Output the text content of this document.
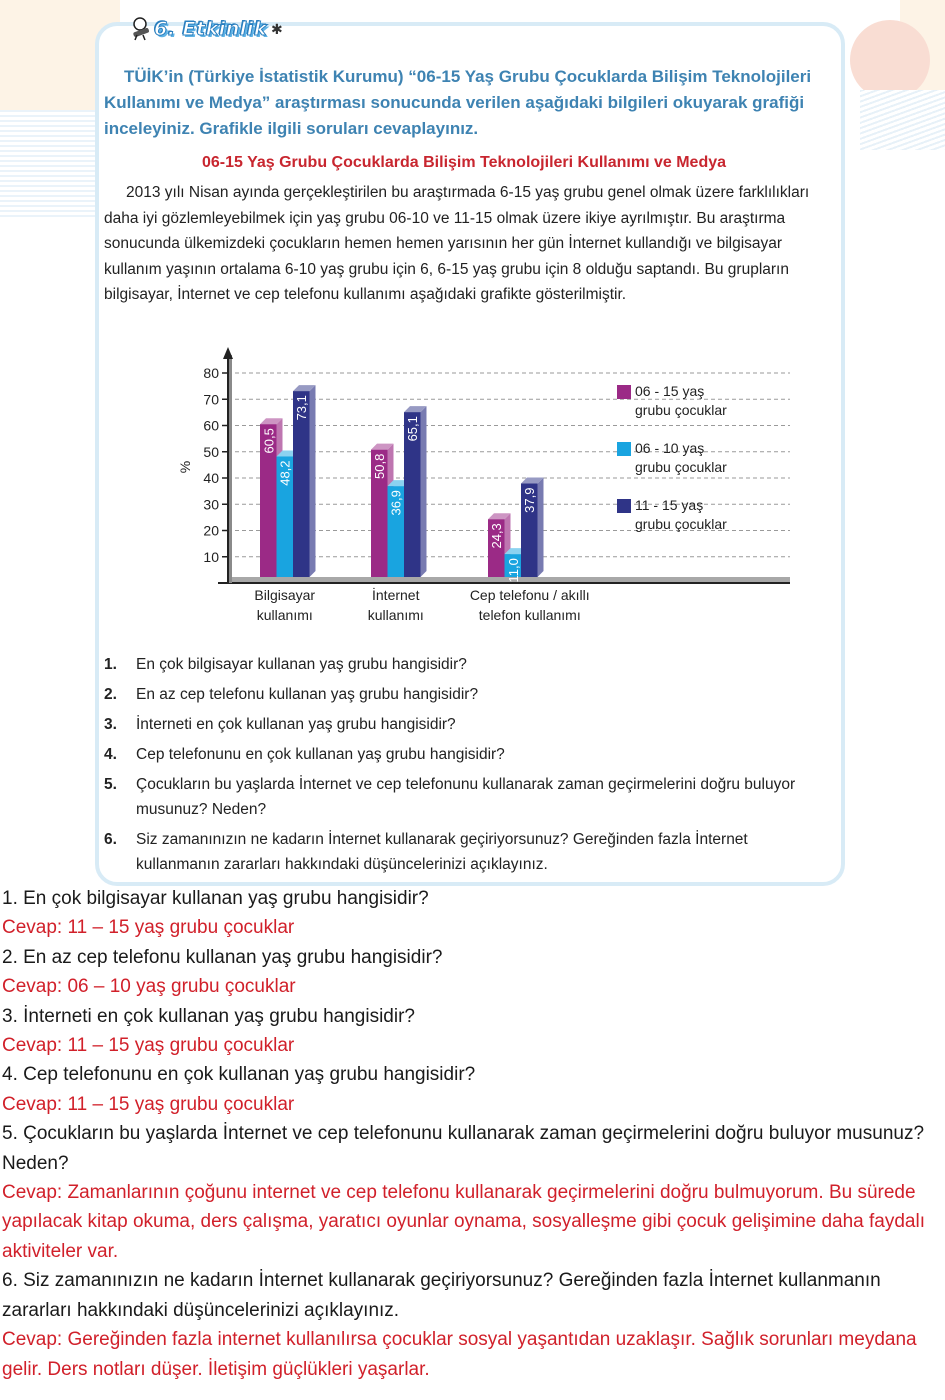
6. Etkinlik ✱

TÜİK’in (Türkiye İstatistik Kurumu) “06-15 Yaş Grubu Çocuklarda Bilişim Teknolojileri Kullanımı ve Medya” araştırması sonucunda verilen aşağıdaki bilgileri okuyarak grafiği inceleyiniz. Grafikle ilgili soruları cevaplayınız.

06-15 Yaş Grubu Çocuklarda Bilişim Teknolojileri Kullanımı ve Medya

2013 yılı Nisan ayında gerçekleştirilen bu araştırmada 6-15 yaş grubu genel olmak üzere farklılıkları daha iyi gözlemleyebilmek için yaş grubu 06-10 ve 11-15 olmak üzere ikiye ayrılmıştır. Bu araştırma sonucunda ülkemizdeki çocukların hemen hemen yarısının her gün İnternet kullandığı ve bilgisayar kullanım yaşının ortalama 6-10 yaş grubu için 6, 6-15 yaş grubu için 8 olduğu saptandı. Bu grupların bilgisayar, İnternet ve cep telefonu kullanımı aşağıdaki grafikte gösterilmiştir.

10
20
30
40
50
60
70
80
%
60,5
48,2
73,1
Bilgisayar
kullanımı
50,8
36,9
65,1
İnternet
kullanımı
24,3
11,0
37,9
Cep telefonu / akıllı
telefon kullanımı
06 - 15 yaş
grubu çocuklar
06 - 10 yaş
grubu çocuklar
11 - 15 yaş
grubu çocuklar
1.	En çok bilgisayar kullanan yaş grubu hangisidir?
2.	En az cep telefonu kullanan yaş grubu hangisidir?
3.	İnterneti en çok kullanan yaş grubu hangisidir?
4.	Cep telefonunu en çok kullanan yaş grubu hangisidir?
5.	Çocukların bu yaşlarda İnternet ve cep telefonunu kullanarak zaman geçirmelerini doğru buluyor musunuz? Neden?
6.	Siz zamanınızın ne kadarın İnternet kullanarak geçiriyorsunuz? Gereğinden fazla İnternet kullanmanın zararları hakkındaki düşüncelerinizi açıklayınız.

1. En çok bilgisayar kullanan yaş grubu hangisidir?

Cevap: 11 – 15 yaş grubu çocuklar

2. En az cep telefonu kullanan yaş grubu hangisidir?

Cevap: 06 – 10 yaş grubu çocuklar

3. İnterneti en çok kullanan yaş grubu hangisidir?

Cevap: 11 – 15 yaş grubu çocuklar

4. Cep telefonunu en çok kullanan yaş grubu hangisidir?

Cevap: 11 – 15 yaş grubu çocuklar

5. Çocukların bu yaşlarda İnternet ve cep telefonunu kullanarak zaman geçirmelerini doğru buluyor musunuz? Neden?

Cevap: Zamanlarının çoğunu internet ve cep telefonu kullanarak geçirmelerini doğru bulmuyorum. Bu sürede yapılacak kitap okuma, ders çalışma, yaratıcı oyunlar oynama, sosyalleşme gibi çocuk gelişimine daha faydalı aktiviteler var.

6. Siz zamanınızın ne kadarın İnternet kullanarak geçiriyorsunuz? Gereğinden fazla İnternet kullanmanın zararları hakkındaki düşüncelerinizi açıklayınız.

Cevap: Gereğinden fazla internet kullanılırsa çocuklar sosyal yaşantıdan uzaklaşır. Sağlık sorunları meydana gelir. Ders notları düşer. İletişim güçlükleri yaşarlar.
